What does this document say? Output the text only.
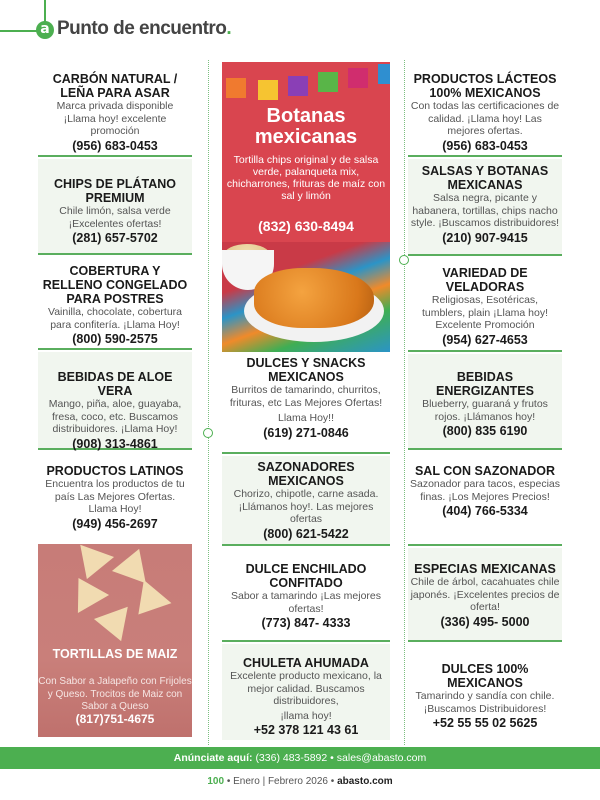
a Punto de encuentro.
CARBÓN NATURAL / LEÑA PARA ASAR
Marca privada disponible ¡Llama hoy! excelente promoción
(956) 683-0453
CHIPS DE PLÁTANO PREMIUM
Chile limón, salsa verde ¡Excelentes ofertas!
(281) 657-5702
COBERTURA Y RELLENO CONGELADO PARA POSTRES
Vainilla, chocolate, cobertura para confitería. ¡Llama Hoy!
(800) 590-2575
BEBIDAS DE ALOE VERA
Mango, piña, aloe, guayaba, fresa, coco, etc. Buscamos distribuidores. ¡Llama Hoy!
(908) 313-4861
PRODUCTOS LATINOS
Encuentra los productos de tu país Las Mejores Ofertas. Llama Hoy!
(949) 456-2697
TORTILLAS DE MAIZ
Con Sabor a Jalapeño con Frijoles y Queso. Trocitos de Maiz con Sabor a Queso
(817)751-4675
Botanas mexicanas
Tortilla chips original y de salsa verde, palanqueta mix, chicharrones, frituras de maíz con sal y limón
(832) 630-8494
DULCES Y SNACKS MEXICANOS
Burritos de tamarindo, churritos, frituras, etc Las Mejores Ofertas!
Llama Hoy!!
(619) 271-0846
SAZONADORES MEXICANOS
Chorizo, chipotle, carne asada. ¡Llámanos hoy!. Las mejores ofertas
(800) 621-5422
DULCE ENCHILADO CONFITADO
Sabor a tamarindo ¡Las mejores ofertas!
(773) 847- 4333
CHULETA AHUMADA
Excelente producto mexicano, la mejor calidad. Buscamos distribuidores,
¡llama hoy!
+52 378 121 43 61
PRODUCTOS LÁCTEOS 100% MEXICANOS
Con todas las certificaciones de calidad. ¡Llama hoy! Las mejores ofertas.
(956) 683-0453
SALSAS Y BOTANAS MEXICANAS
Salsa negra, picante y habanera, tortillas, chips nacho style. ¡Buscamos distribuidores!
(210) 907-9415
VARIEDAD DE VELADORAS
Religiosas, Esotéricas, tumblers, plain ¡Llama hoy! Excelente Promoción
(954) 627-4653
BEBIDAS ENERGIZANTES
Blueberry, guaraná y frutos rojos. ¡Llámanos hoy!
(800) 835 6190
SAL CON SAZONADOR
Sazonador para tacos, especias finas. ¡Los Mejores Precios!
(404) 766-5334
ESPECIAS MEXICANAS
Chile de árbol, cacahuates chile japonés. ¡Excelentes precios de oferta!
(336) 495- 5000
DULCES 100% MEXICANOS
Tamarindo y sandía con chile. ¡Buscamos Distribuidores!
+52 55 55 02 5625
Anúnciate aquí: (336) 483-5892 • sales@abasto.com
100 • Enero | Febrero 2026 • abasto.com
